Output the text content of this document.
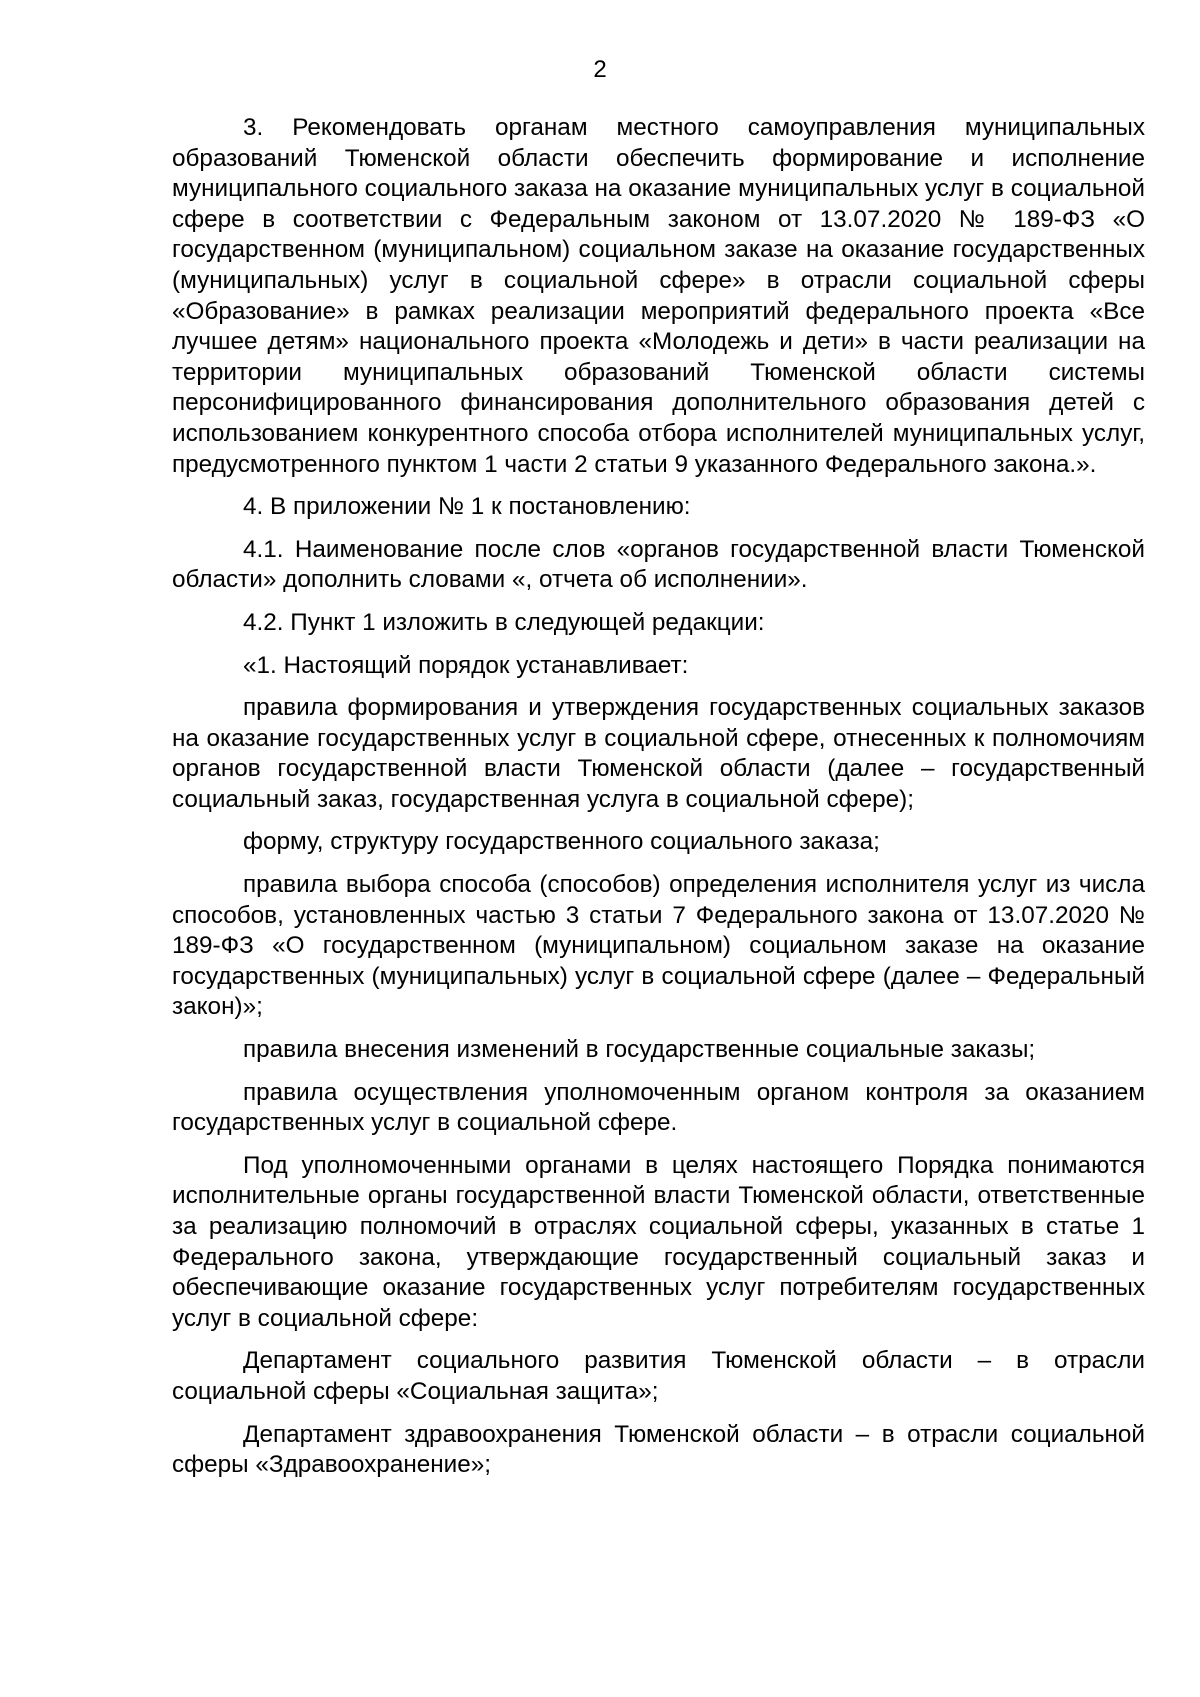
2

3. Рекомендовать органам местного самоуправления муниципальных образований Тюменской области обеспечить формирование и исполнение муниципального социального заказа на оказание муниципальных услуг в социальной сфере в соответствии с Федеральным законом от 13.07.2020 № 189-ФЗ «О государственном (муниципальном) социальном заказе на оказание государственных (муниципальных) услуг в социальной сфере» в отрасли социальной сферы «Образование» в рамках реализации мероприятий федерального проекта «Все лучшее детям» национального проекта «Молодежь и дети» в части реализации на территории муниципальных образований Тюменской области системы персонифицированного финансирования дополнительного образования детей с использованием конкурентного способа отбора исполнителей муниципальных услуг, предусмотренного пунктом 1 части 2 статьи 9 указанного Федерального закона.».

4. В приложении № 1 к постановлению:

4.1. Наименование после слов «органов государственной власти Тюменской области» дополнить словами «, отчета об исполнении».

4.2. Пункт 1 изложить в следующей редакции:

«1. Настоящий порядок устанавливает:

правила формирования и утверждения государственных социальных заказов на оказание государственных услуг в социальной сфере, отнесенных к полномочиям органов государственной власти Тюменской области (далее – государственный социальный заказ, государственная услуга в социальной сфере);

форму, структуру государственного социального заказа;

правила выбора способа (способов) определения исполнителя услуг из числа способов, установленных частью 3 статьи 7 Федерального закона от 13.07.2020 № 189-ФЗ «О государственном (муниципальном) социальном заказе на оказание государственных (муниципальных) услуг в социальной сфере (далее – Федеральный закон)»;

правила внесения изменений в государственные социальные заказы;

правила осуществления уполномоченным органом контроля за оказанием государственных услуг в социальной сфере.

Под уполномоченными органами в целях настоящего Порядка понимаются исполнительные органы государственной власти Тюменской области, ответственные за реализацию полномочий в отраслях социальной сферы, указанных в статье 1 Федерального закона, утверждающие государственный социальный заказ и обеспечивающие оказание государственных услуг потребителям государственных услуг в социальной сфере:

Департамент социального развития Тюменской области – в отрасли социальной сферы «Социальная защита»;

Департамент здравоохранения Тюменской области – в отрасли социальной сферы «Здравоохранение»;
